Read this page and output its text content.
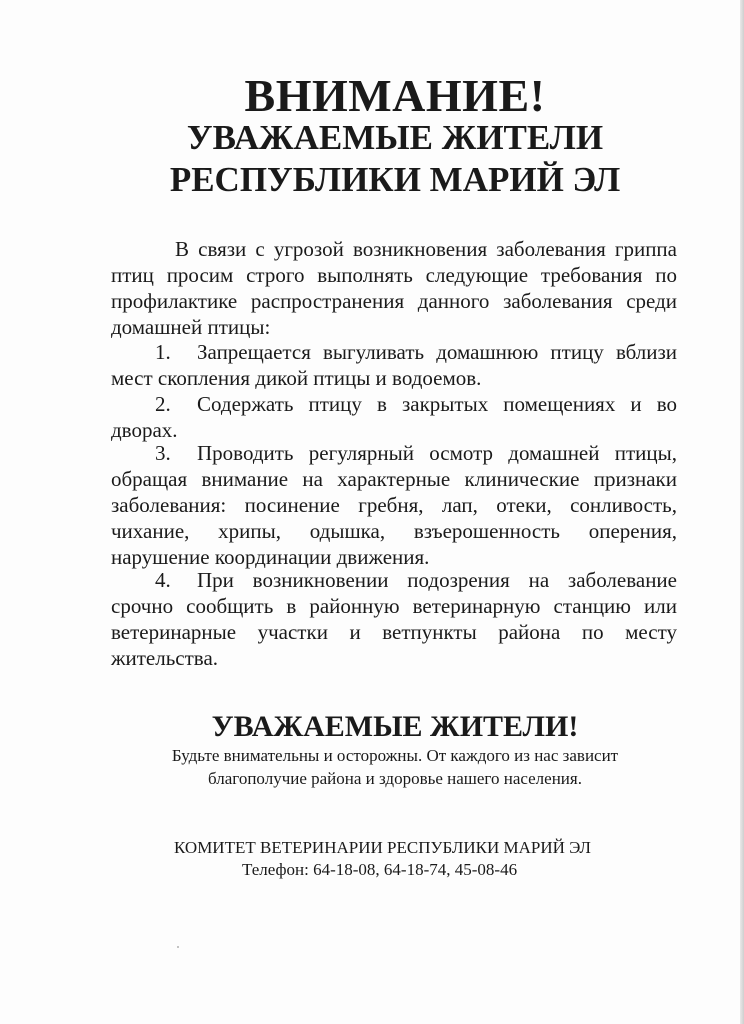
ВНИМАНИЕ!
УВАЖАЕМЫЕ ЖИТЕЛИ
РЕСПУБЛИКИ МАРИЙ ЭЛ
В связи с угрозой возникновения заболевания гриппа птиц просим строго выполнять следующие требования по профилактике распространения данного заболевания среди домашней птицы:
1. Запрещается выгуливать домашнюю птицу вблизи мест скопления дикой птицы и водоемов.
2. Содержать птицу в закрытых помещениях и во дворах.
3. Проводить регулярный осмотр домашней птицы, обращая внимание на характерные клинические признаки заболевания: посинение гребня, лап, отеки, сонливость, чихание, хрипы, одышка, взъерошенность оперения, нарушение координации движения.
4. При возникновении подозрения на заболевание срочно сообщить в районную ветеринарную станцию или ветеринарные участки и ветпункты района по месту жительства.
УВАЖАЕМЫЕ ЖИТЕЛИ!
Будьте внимательны и осторожны. От каждого из нас зависит
благополучие района и здоровье нашего населения.
КОМИТЕТ ВЕТЕРИНАРИИ РЕСПУБЛИКИ МАРИЙ ЭЛ
Телефон: 64-18-08, 64-18-74, 45-08-46
